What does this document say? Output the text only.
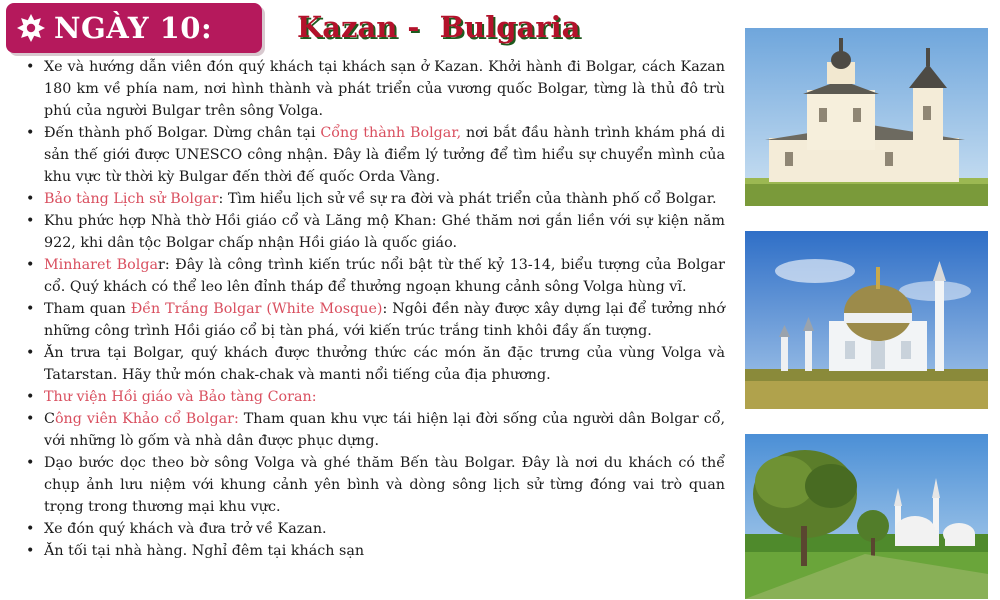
NGÀY 10:	Kazan -  Bulgaria
• Xe và hướng dẫn viên đón quý khách tại khách sạn ở Kazan. Khởi hành đi Bolgar, cách Kazan 180 km về phía nam, nơi hình thành và phát triển của vương quốc Bolgar, từng là thủ đô trù phú của người Bulgar trên sông Volga.
• Đến thành phố Bolgar. Dừng chân tại Cổng thành Bolgar, nơi bắt đầu hành trình khám phá di sản thế giới được UNESCO công nhận. Đây là điểm lý tưởng để tìm hiểu sự chuyển mình của khu vực từ thời kỳ Bulgar đến thời đế quốc Orda Vàng.
• Bảo tàng Lịch sử Bolgar: Tìm hiểu lịch sử về sự ra đời và phát triển của thành phố cổ Bolgar.
• Khu phức hợp Nhà thờ Hồi giáo cổ và Lăng mộ Khan: Ghé thăm nơi gắn liền với sự kiện năm 922, khi dân tộc Bolgar chấp nhận Hồi giáo là quốc giáo.
• Minharet Bolgar: Đây là công trình kiến trúc nổi bật từ thế kỷ 13-14, biểu tượng của Bolgar cổ. Quý khách có thể leo lên đỉnh tháp để thưởng ngoạn khung cảnh sông Volga hùng vĩ.
• Tham quan Đền Trắng Bolgar (White Mosque): Ngôi đền này được xây dựng lại để tưởng nhớ những công trình Hồi giáo cổ bị tàn phá, với kiến trúc trắng tinh khôi đầy ấn tượng.
• Ăn trưa tại Bolgar, quý khách được thưởng thức các món ăn đặc trưng của vùng Volga và Tatarstan. Hãy thử món chak-chak và manti nổi tiếng của địa phương.
• Thư viện Hồi giáo và Bảo tàng Coran:
• Công viên Khảo cổ Bolgar: Tham quan khu vực tái hiện lại đời sống của người dân Bolgar cổ, với những lò gốm và nhà dân được phục dựng.
• Dạo bước dọc theo bờ sông Volga và ghé thăm Bến tàu Bolgar. Đây là nơi du khách có thể chụp ảnh lưu niệm với khung cảnh yên bình và dòng sông lịch sử từng đóng vai trò quan trọng trong thương mại khu vực.
• Xe đón quý khách và đưa trở về Kazan.
• Ăn tối tại nhà hàng. Nghỉ đêm tại khách sạn
